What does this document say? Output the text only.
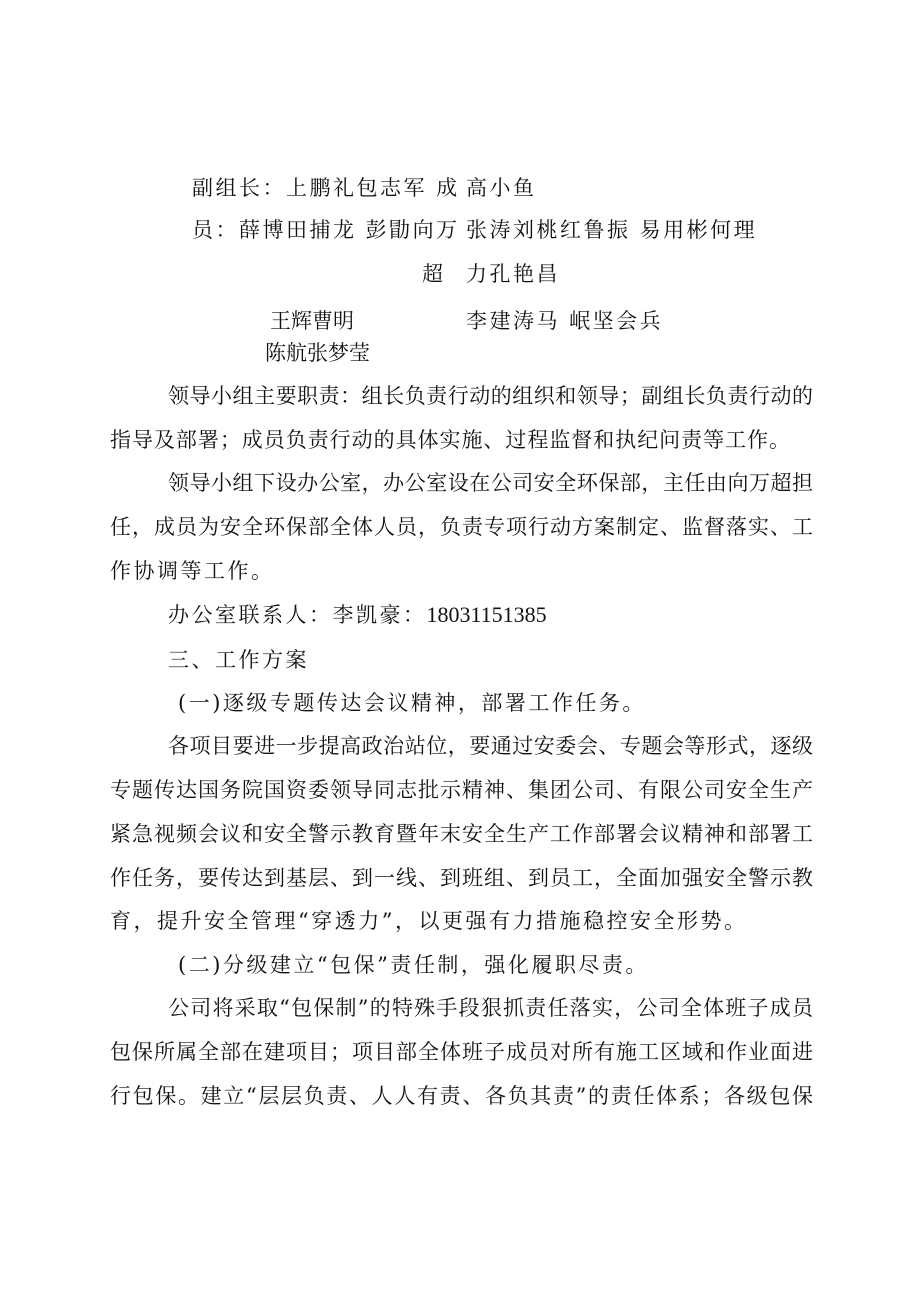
副组长：上鹏礼包志军 成 高小鱼
员：薛博田捕龙 彭勖向万 张涛刘桃红鲁振 易用彬何理
超 力孔艳昌
王辉曹明	李建涛马 岷坚会兵
陈航张梦莹
领导小组主要职责：组长负责行动的组织和领导；副组长负责行动的
指导及部署；成员负责行动的具体实施、过程监督和执纪问责等工作。
领导小组下设办公室，办公室设在公司安全环保部，主任由向万超担
任，成员为安全环保部全体人员，负责专项行动方案制定、监督落实、工
作协调等工作。
办公室联系人：李凯豪：18031151385
三、工作方案
(一)逐级专题传达会议精神，部署工作任务。
各项目要进一步提高政治站位，要通过安委会、专题会等形式，逐级
专题传达国务院国资委领导同志批示精神、集团公司、有限公司安全生产
紧急视频会议和安全警示教育暨年末安全生产工作部署会议精神和部署工
作任务，要传达到基层、到一线、到班组、到员工，全面加强安全警示教
育，提升安全管理“穿透力”，以更强有力措施稳控安全形势。
(二)分级建立“包保”责任制，强化履职尽责。
公司将采取“包保制”的特殊手段狠抓责任落实，公司全体班子成员
包保所属全部在建项目；项目部全体班子成员对所有施工区域和作业面进
行包保。建立“层层负责、人人有责、各负其责”的责任体系；各级包保
